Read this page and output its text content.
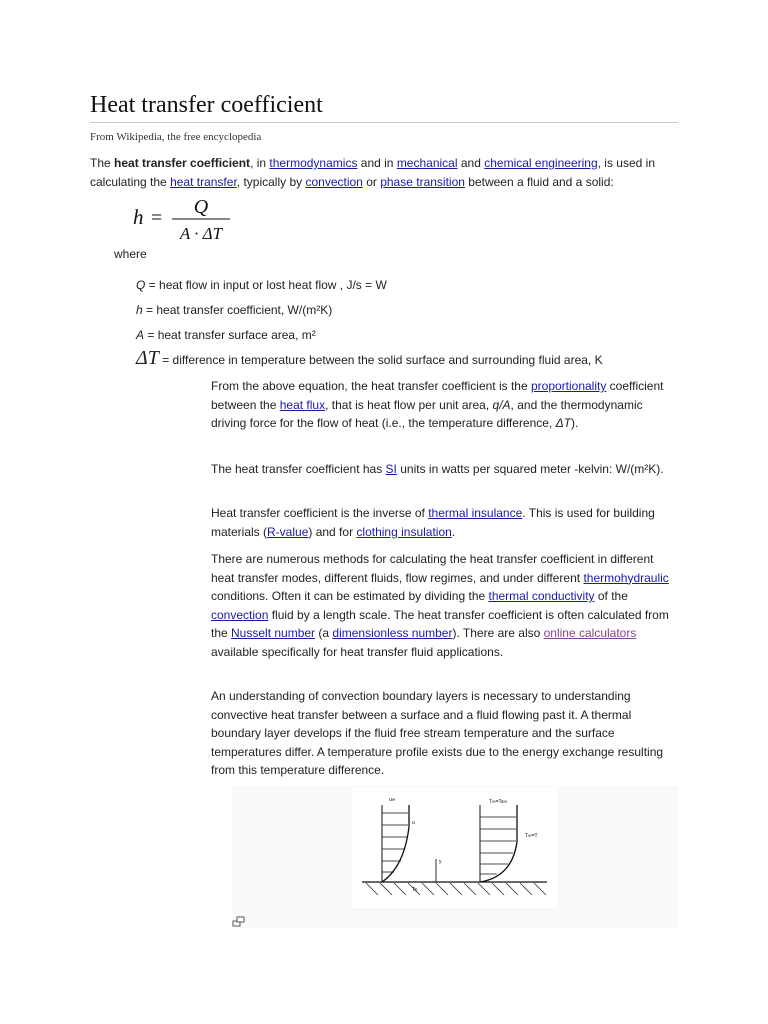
Heat transfer coefficient
From Wikipedia, the free encyclopedia
The heat transfer coefficient, in thermodynamics and in mechanical and chemical engineering, is used in calculating the heat transfer, typically by convection or phase transition between a fluid and a solid:
h = Q
A · ΔT
where
Q = heat flow in input or lost heat flow , J/s = W
h = heat transfer coefficient, W/(m²K)
A = heat transfer surface area, m²
ΔT = difference in temperature between the solid surface and surrounding fluid area, K
From the above equation, the heat transfer coefficient is the proportionality coefficient between the heat flux, that is heat flow per unit area, q/A, and the thermodynamic driving force for the flow of heat (i.e., the temperature difference, ΔT).
The heat transfer coefficient has SI units in watts per squared meter -kelvin: W/(m²K).
Heat transfer coefficient is the inverse of thermal insulance. This is used for building materials (R-value) and for clothing insulation.
There are numerous methods for calculating the heat transfer coefficient in different heat transfer modes, different fluids, flow regimes, and under different thermohydraulic conditions. Often it can be estimated by dividing the thermal conductivity of the convection fluid by a length scale. The heat transfer coefficient is often calculated from the Nusselt number (a dimensionless number). There are also online calculators available specifically for heat transfer fluid applications.
An understanding of convection boundary layers is necessary to understanding convective heat transfer between a surface and a fluid flowing past it. A thermal boundary layer develops if the fluid free stream temperature and the surface temperatures differ. A temperature profile exists due to the energy exchange resulting from this temperature difference.
u∞
u
y
Ts
T∞=Ts∞
T∞=T
